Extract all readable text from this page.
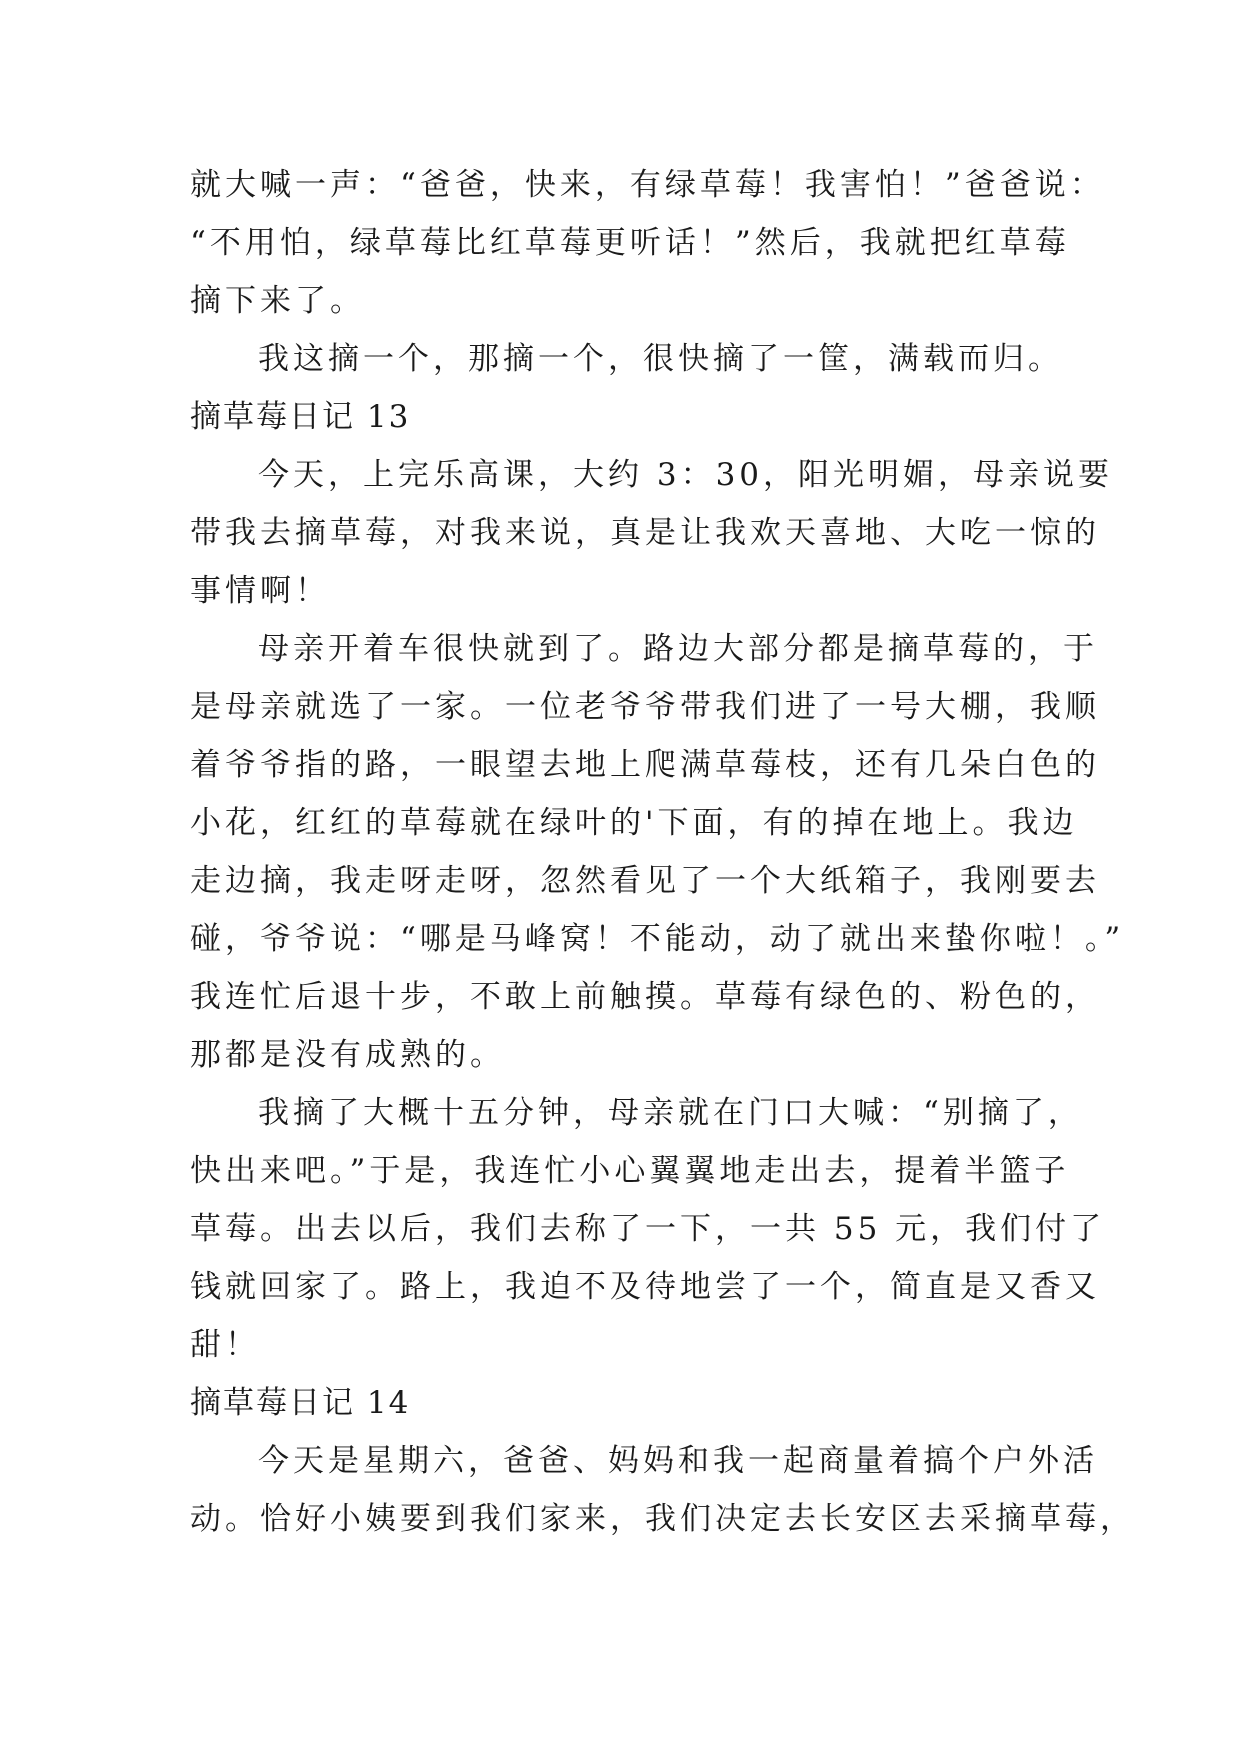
就大喊一声：“爸爸，快来，有绿草莓！我害怕！”爸爸说：
“不用怕，绿草莓比红草莓更听话！”然后，我就把红草莓
摘下来了。
我这摘一个，那摘一个，很快摘了一筐，满载而归。
摘草莓日记 13
今天，上完乐高课，大约 3：30，阳光明媚，母亲说要
带我去摘草莓，对我来说，真是让我欢天喜地、大吃一惊的
事情啊！
母亲开着车很快就到了。路边大部分都是摘草莓的，于
是母亲就选了一家。一位老爷爷带我们进了一号大棚，我顺
着爷爷指的路，一眼望去地上爬满草莓枝，还有几朵白色的
小花，红红的草莓就在绿叶的'下面，有的掉在地上。我边
走边摘，我走呀走呀，忽然看见了一个大纸箱子，我刚要去
碰，爷爷说：“哪是马峰窝！不能动，动了就出来蛰你啦！。”
我连忙后退十步，不敢上前触摸。草莓有绿色的、粉色的，
那都是没有成熟的。
我摘了大概十五分钟，母亲就在门口大喊：“别摘了，
快出来吧。”于是，我连忙小心翼翼地走出去，提着半篮子
草莓。出去以后，我们去称了一下，一共 55 元，我们付了
钱就回家了。路上，我迫不及待地尝了一个，简直是又香又
甜！
摘草莓日记 14
今天是星期六，爸爸、妈妈和我一起商量着搞个户外活
动。恰好小姨要到我们家来，我们决定去长安区去采摘草莓，
